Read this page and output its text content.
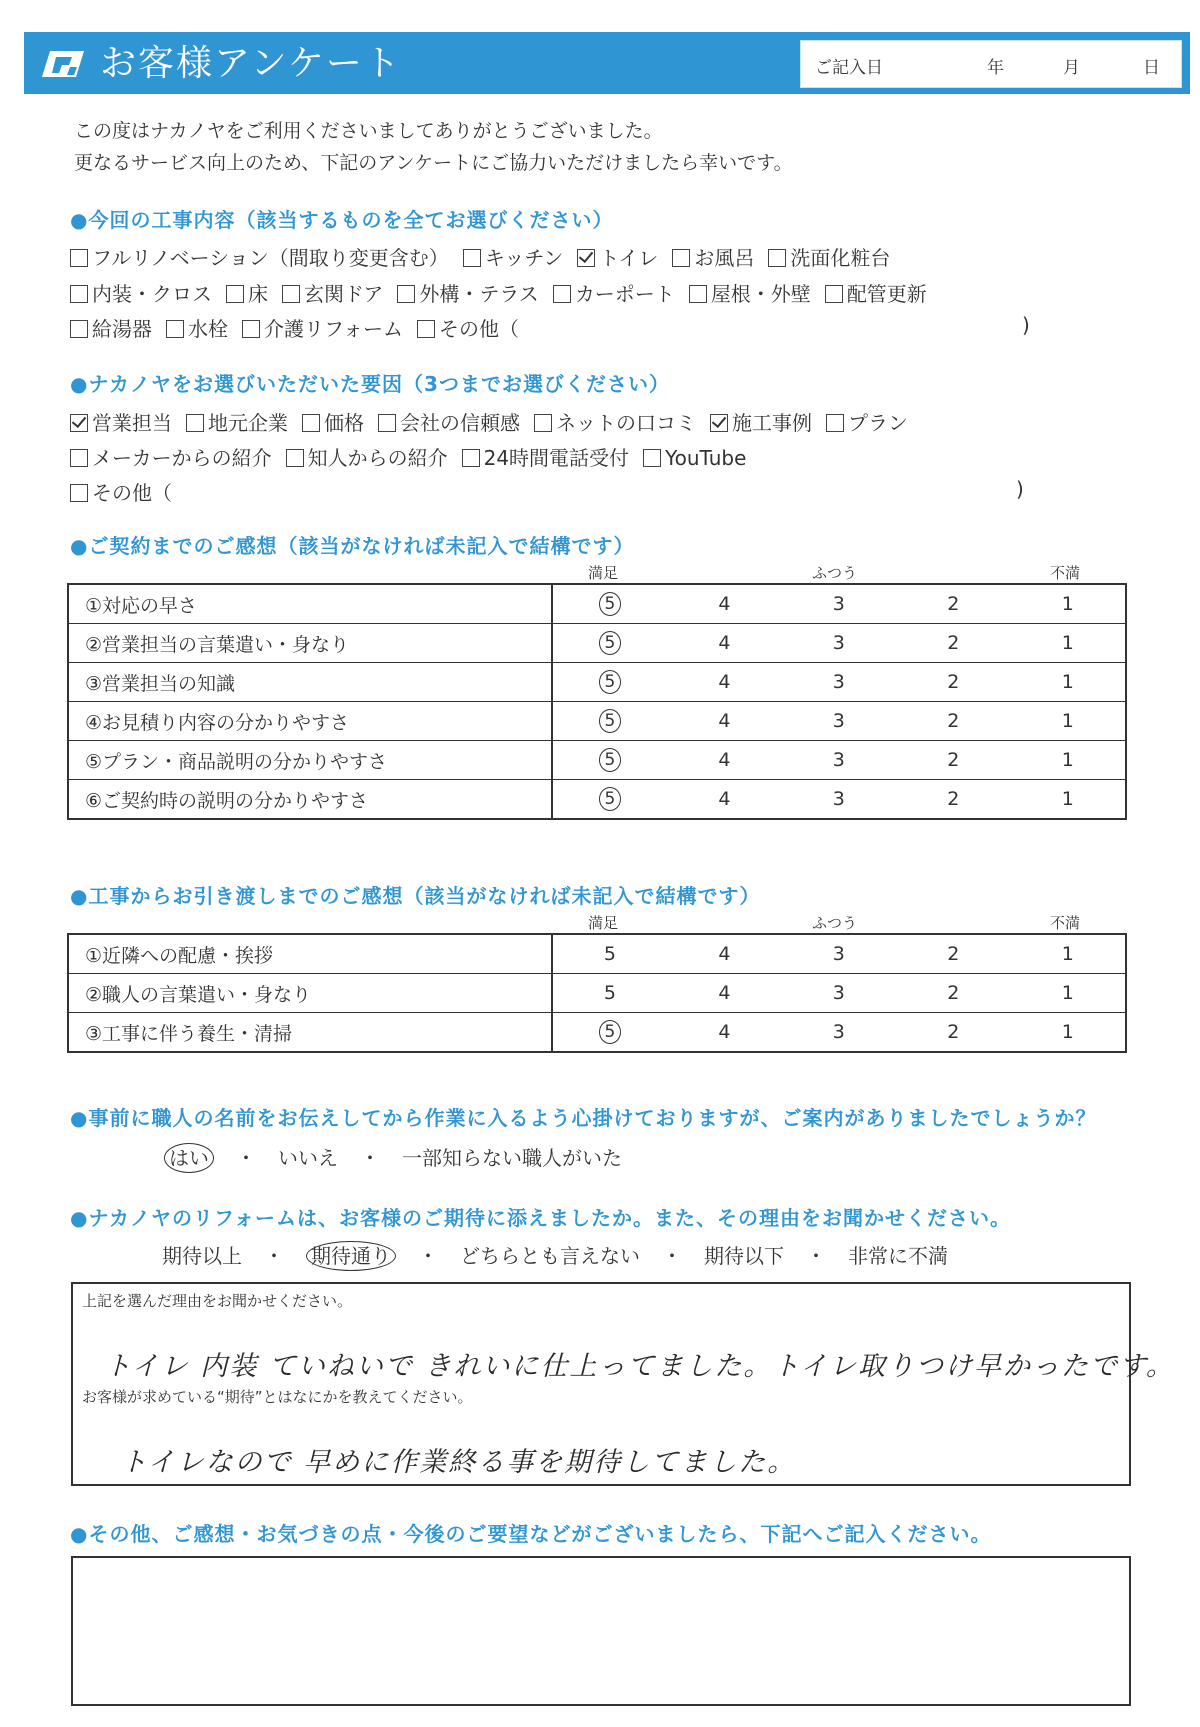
お客様アンケート	ご記入日	年	月	日
この度はナカノヤをご利用くださいましてありがとうございました。
更なるサービス向上のため、下記のアンケートにご協力いただけましたら幸いです。
●今回の工事内容（該当するものを全てお選びください）
フルリノベーション（間取り変更含む） キッチン トイレ お風呂 洗面化粧台
内装・クロス 床 玄関ドア 外構・テラス カーポート 屋根・外壁 配管更新
給湯器 水栓 介護リフォーム その他（	)
●ナカノヤをお選びいただいた要因（3つまでお選びください）
営業担当 地元企業 価格 会社の信頼感 ネットの口コミ 施工事例 プラン
メーカーからの紹介 知人からの紹介 24時間電話受付 YouTube
その他（	)
●ご契約までのご感想（該当がなければ未記入で結構です）
満足	ふつう	不満
①対応の早さ	5	4	3	2	1
②営業担当の言葉遣い・身なり	5	4	3	2	1
③営業担当の知識	5	4	3	2	1
④お見積り内容の分かりやすさ	5	4	3	2	1
⑤プラン・商品説明の分かりやすさ	5	4	3	2	1
⑥ご契約時の説明の分かりやすさ	5	4	3	2	1
●工事からお引き渡しまでのご感想（該当がなければ未記入で結構です）
満足	ふつう	不満
①近隣への配慮・挨拶	5	4	3	2	1
②職人の言葉遣い・身なり	5	4	3	2	1
③工事に伴う養生・清掃	5	4	3	2	1
●事前に職人の名前をお伝えしてから作業に入るよう心掛けておりますが、ご案内がありましたでしょうか？
はい ・ いいえ ・ 一部知らない職人がいた
●ナカノヤのリフォームは、お客様のご期待に添えましたか。また、その理由をお聞かせください。
期待以上 ・ 期待通り ・ どちらとも言えない ・ 期待以下 ・ 非常に不満
上記を選んだ理由をお聞かせください。
トイレ 内装 ていねいで きれいに仕上ってました。トイレ取りつけ早かったです。
お客様が求めている“期待”とはなにかを教えてください。
トイレなので 早めに作業終る事を期待してました。
●その他、ご感想・お気づきの点・今後のご要望などがございましたら、下記へご記入ください。
